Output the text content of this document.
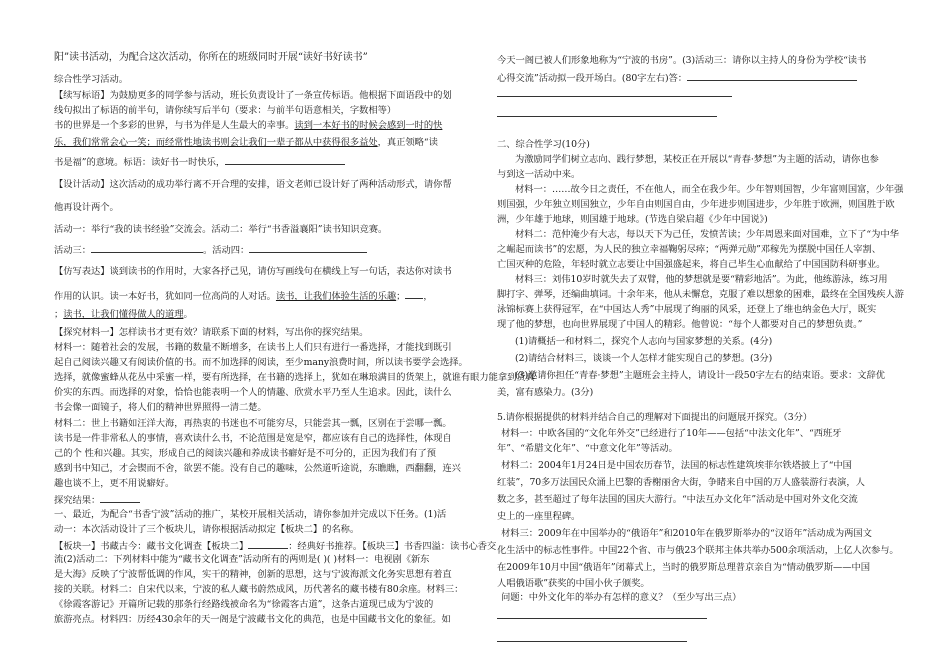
阳”读书活动，为配合这次活动，你所在的班级同时开展“读好书好读书”
综合性学习活动。
【续写标语】为鼓励更多的同学参与活动，班长负责设计了一条宣传标语。他根据下面语段中的划
线句拟出了标语的前半句，请你续写后半句（要求：与前半句语意相关，字数相等）
书的世界是一个多彩的世界，与书为伴是人生最大的幸事。读到一本好书的时候会感到一时的快
乐，我们常常会心一笑；而经常性地读书则会让我们一辈子都从中获得很多益处，真正领略“读
书是福”的意境。标语：读好书一时快乐，
【设计活动】这次活动的成功举行离不开合理的安排，语文老师已设计好了两种活动形式，请你帮
他再设计两个。
活动一：举行“我的读书经验”交流会。活动二：举行“书香溢襄阳”读书知识竞赛。
活动三：	。活动四：
【仿写表达】谈到读书的作用时，大家各抒己见，请仿写画线句在横线上写一句话，表达你对读书
作用的认识。读一本好书，犹如同一位高尚的人对话。读书，让我们体验生活的乐趣； ，
；读书，让我们懂得做人的道理。
【探究材料一】怎样读书才更有效？请联系下面的材料，写出你的探究结果。
材料一：随着社会的发展，书籍的数量不断增多，在读书上人们只有进行一番选择，才能找到既引
起自己阅读兴趣又有阅读价值的书。而不加选择的阅读，至少many浪费时间，所以读书要学会选择。
选择，就像蜜蜂从花丛中采蜜一样，要有所选择，在书籍的选择上，犹如在琳琅满目的货架上，就谁有眼力能拿到货真
价实的东西。而选择的对象，恰恰也能表明一个人的情趣、欣赏水平乃至人生追求。因此，读什么
书会像一面镜子，将人们的精神世界照得一清二楚。
材料二：世上书籍如汪洋大海，再热衷的书迷也不可能穷尽，只能尝其一瓢，区别在于尝哪一瓢。
读书是一件非常私人的事情，喜欢读什么书，不论范围是宽是窄，都应该有自己的选择性，体现自
己的个 性和兴趣。其实，形成自己的阅读兴趣和养成读书癖好是不可分的，正因为我们有了预
感到书中知己，才会锲而不舍，欲罢不能。没有自己的趣味，公然道听途说，东瞧瞧，西翻翻，连兴
趣也谈不上，更不用说癖好。
探究结果：
一、最近，为配合“书香宁波”活动的推广，某校开展相关活动，请你参加并完成以下任务。(1)活
动一：本次活动设计了三个板块儿，请你根据活动拟定【板块二】的名称。
【板块一】书藏古今：藏书文化调查【板块二】	：经典好书推荐。【板块三】书香四溢：读书心香交
流(2)活动二：下列材料中能为“藏书文化调查”活动所有的两则是( )( )材料一：电视剧《新东
是大海》反映了宁波帮低调的作风，实干的精神，创新的思想，这与宁波海派文化务实思想有着直
接的关联。材料二：自宋代以来，宁波的私人藏书蔚然成风，历代著名的藏书楼有80余座。材料三：
《徐霞客游记》开篇所记载的那条行经路线被命名为“徐霞客古道”，这条古道现已成为宁波的
旅游亮点。材料四：历经430余年的天一阁是宁波藏书文化的典范，也是中国藏书文化的象征。如
今天一阁已被人们形象地称为“宁波的书房”。(3)活动三：请你以主持人的身份为学校“读书
心得交流”活动拟一段开场白。(80字左右)答：
二、综合性学习(10分)
为激励同学们树立志向、践行梦想，某校正在开展以“青春·梦想”为主题的活动，请你也参
与到这一活动中来。
材料一：……故今日之责任，不在他人，而全在我少年。少年智则国智，少年富则国富，少年强
则国强，少年独立则国独立，少年自由则国自由，少年进步则国进步，少年胜于欧洲，则国胜于欧
洲，少年雄于地球，则国雄于地球。(节选自梁启超《少年中国说》)
材料二：范仲淹少有大志，每以天下为己任，发愤苦读；少年周恩来面对国难，立下了“为中华
之崛起而读书”的宏愿，为人民的独立幸福鞠躬尽瘁；“两弹元勋”邓稼先为摆脱中国任人宰割、
亡国灭种的危险，年轻时就立志要让中国强盛起来，将自己毕生心血献给了中国国防科研事业。
材料三：刘伟10岁时就失去了双臂，他的梦想就是要“精彩地活”。为此，他练游泳，练习用
脚打字、弹琴，还编曲填词。十余年来，他从未懈怠，克服了难以想象的困难，最终在全国残疾人游
泳锦标赛上获得冠军，在“中国达人秀”中展现了绚丽的风采，还登上了维也纳金色大厅，既实
现了他的梦想，也向世界展现了中国人的精彩。他曾说：“每个人都要对自己的梦想负责。”
(1)请概括一和材料二，探究个人志向与国家梦想的关系。(4分)
(2)请结合材料三，谈谈一个人怎样才能实现自己的梦想。(3分)
(3)邀请你担任“青春·梦想”主题班会主持人，请设计一段50字左右的结束语。要求：文辞优
美，富有感染力。(3分)
5.请你根据提供的材料并结合自己的理解对下面提出的问题展开探究。（3分）
材料一：中欧各国的“文化年外交”已经进行了10年——包括“中法文化年”、“西班牙
年”、“希腊文化年”、“中意文化年”等活动。
材料二：2004年1月24日是中国农历春节，法国的标志性建筑埃菲尔铁塔披上了“中国
红装”，70多万法国民众涌上巴黎的香榭丽舍大街，争睹来自中国的万人盛装游行表演，人
数之多，甚至超过了每年法国的国庆大游行。“中法互办文化年”活动是中国对外文化交流
史上的一座里程碑。
材料三：2009年在中国举办的“俄语年”和2010年在俄罗斯举办的“汉语年”活动成为两国文
化生活中的标志性事件。中国22个省、市与俄23个联邦主体共举办500余项活动，上亿人次参与。
在2009年10月中国“俄语年”闭幕式上，当时的俄罗斯总理普京亲自为“情动俄罗斯——中国
人唱俄语歌”获奖的中国小伙子颁奖。
问题：中外文化年的举办有怎样的意义？（至少写出三点）
